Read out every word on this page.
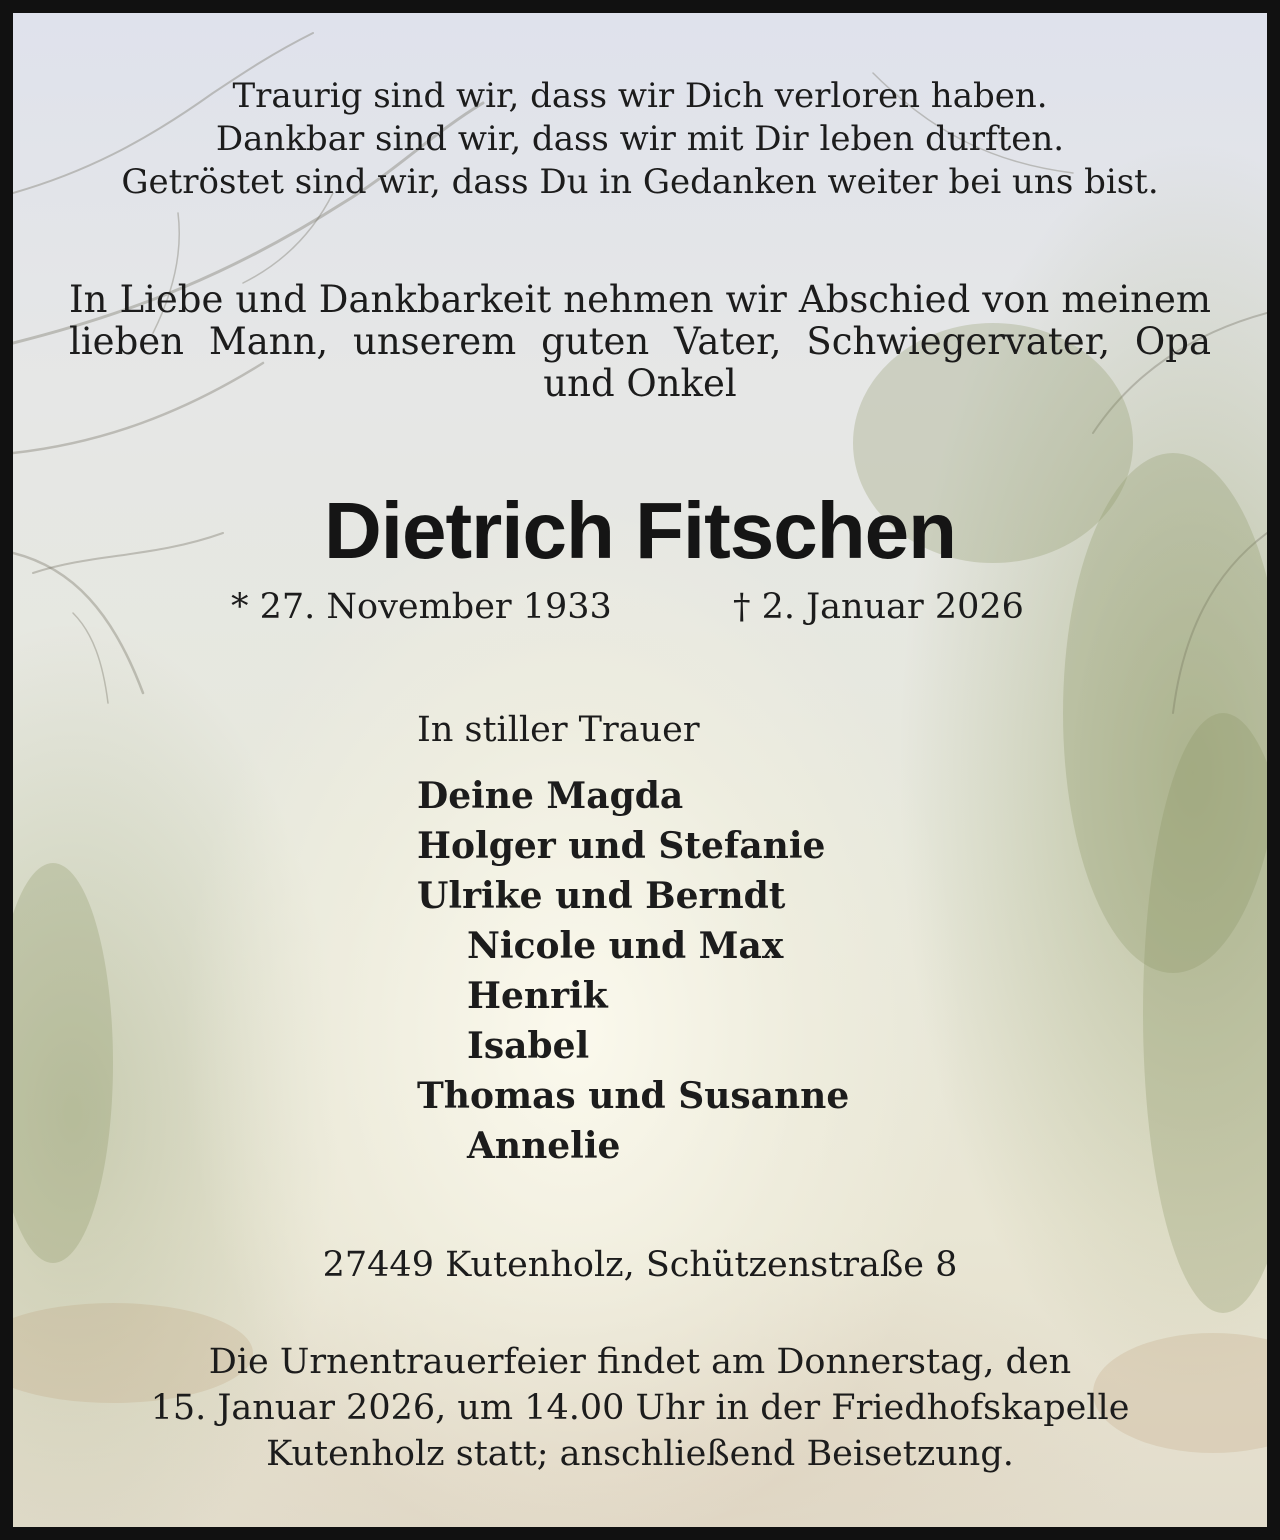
Traurig sind wir, dass wir Dich verloren haben.
Dankbar sind wir, dass wir mit Dir leben durften.
Getröstet sind wir, dass Du in Gedanken weiter bei uns bist.
In Liebe und Dankbarkeit nehmen wir Abschied von meinem
lieben Mann, unserem guten Vater, Schwiegervater, Opa
und Onkel
Dietrich Fitschen
* 27. November 1933	† 2. Januar 2026
In stiller Trauer
Deine Magda
Holger und Stefanie
Ulrike und Berndt
Nicole und Max
Henrik
Isabel
Thomas und Susanne
Annelie
27449 Kutenholz, Schützenstraße 8
Die Urnentrauerfeier findet am Donnerstag, den
15. Januar 2026, um 14.00 Uhr in der Friedhofskapelle
Kutenholz statt; anschließend Beisetzung.
